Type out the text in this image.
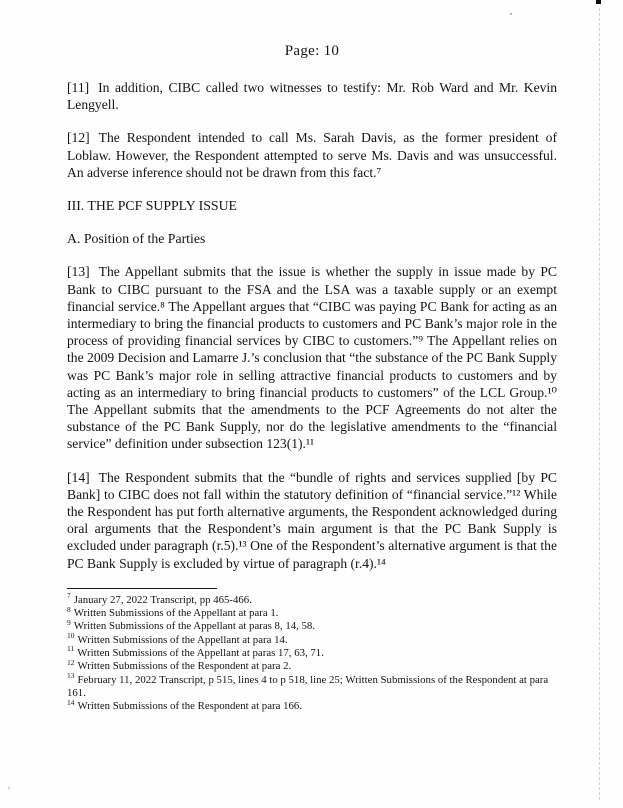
Page: 10

[11] In addition, CIBC called two witnesses to testify: Mr. Rob Ward and Mr. Kevin Lengyell.

[12] The Respondent intended to call Ms. Sarah Davis, as the former president of Loblaw. However, the Respondent attempted to serve Ms. Davis and was unsuccessful. An adverse inference should not be drawn from this fact.⁷

III. THE PCF SUPPLY ISSUE
A. Position of the Parties

[13] The Appellant submits that the issue is whether the supply in issue made by PC Bank to CIBC pursuant to the FSA and the LSA was a taxable supply or an exempt financial service.⁸ The Appellant argues that “CIBC was paying PC Bank for acting as an intermediary to bring the financial products to customers and PC Bank’s major role in the process of providing financial services by CIBC to customers.”⁹ The Appellant relies on the 2009 Decision and Lamarre J.’s conclusion that “the substance of the PC Bank Supply was PC Bank’s major role in selling attractive financial products to customers and by acting as an intermediary to bring financial products to customers” of the LCL Group.¹⁰ The Appellant submits that the amendments to the PCF Agreements do not alter the substance of the PC Bank Supply, nor do the legislative amendments to the “financial service” definition under subsection 123(1).¹¹

[14] The Respondent submits that the “bundle of rights and services supplied [by PC Bank] to CIBC does not fall within the statutory definition of “financial service.”¹² While the Respondent has put forth alternative arguments, the Respondent acknowledged during oral arguments that the Respondent’s main argument is that the PC Bank Supply is excluded under paragraph (r.5).¹³ One of the Respondent’s alternative argument is that the PC Bank Supply is excluded by virtue of paragraph (r.4).¹⁴

$^7$ January 27, 2022 Transcript, pp 465-466.
$^8$ Written Submissions of the Appellant at para 1.
$^9$ Written Submissions of the Appellant at paras 8, 14, 58.
$^{10}$ Written Submissions of the Appellant at para 14.
$^{11}$ Written Submissions of the Appellant at paras 17, 63, 71.
$^{12}$ Written Submissions of the Respondent at para 2.
$^{13}$ February 11, 2022 Transcript, p 515, lines 4 to p 518, line 25; Written Submissions of the Respondent at para 161.
$^{14}$ Written Submissions of the Respondent at para 166.
